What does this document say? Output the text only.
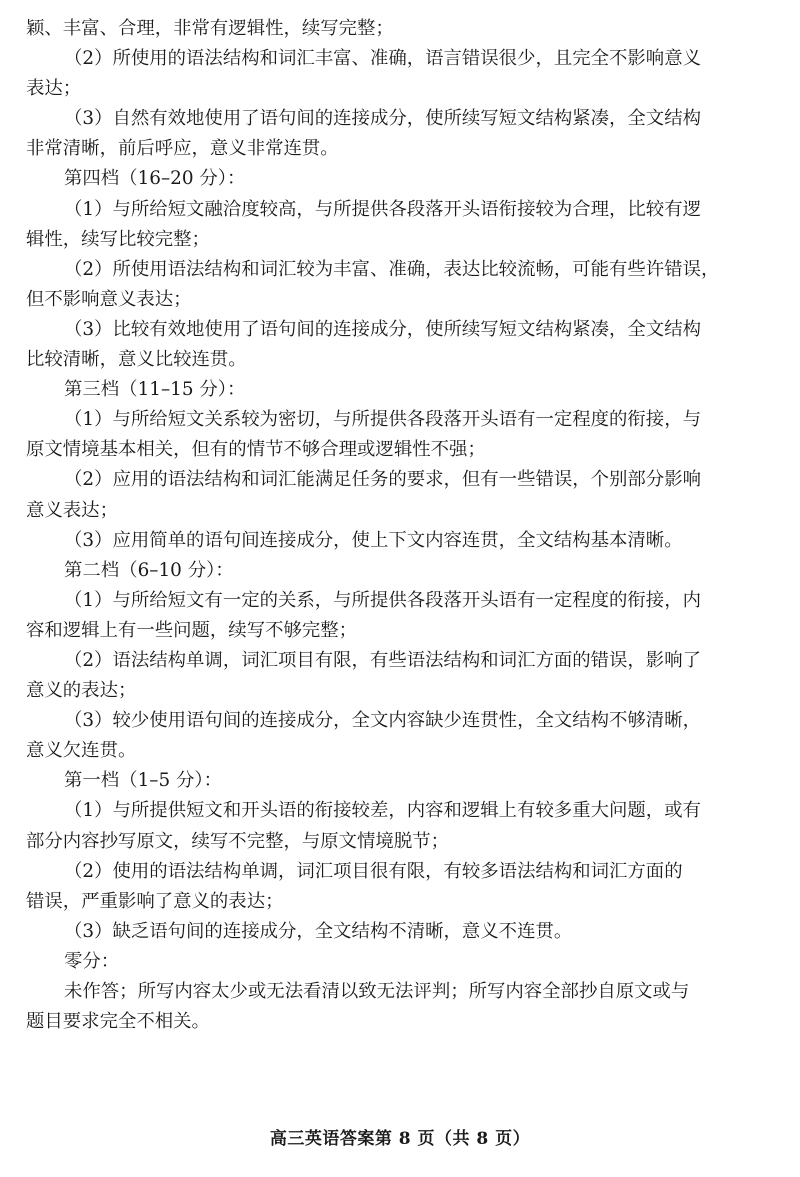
颖、丰富、合理，非常有逻辑性，续写完整；
（2）所使用的语法结构和词汇丰富、准确，语言错误很少，且完全不影响意义
表达；
（3）自然有效地使用了语句间的连接成分，使所续写短文结构紧凑，全文结构
非常清晰，前后呼应，意义非常连贯。
第四档（16–20 分）：
（1）与所给短文融洽度较高，与所提供各段落开头语衔接较为合理，比较有逻
辑性，续写比较完整；
（2）所使用语法结构和词汇较为丰富、准确，表达比较流畅，可能有些许错误，
但不影响意义表达；
（3）比较有效地使用了语句间的连接成分，使所续写短文结构紧凑，全文结构
比较清晰，意义比较连贯。
第三档（11–15 分）：
（1）与所给短文关系较为密切，与所提供各段落开头语有一定程度的衔接，与
原文情境基本相关，但有的情节不够合理或逻辑性不强；
（2）应用的语法结构和词汇能满足任务的要求，但有一些错误，个别部分影响
意义表达；
（3）应用简单的语句间连接成分，使上下文内容连贯，全文结构基本清晰。
第二档（6–10 分）：
（1）与所给短文有一定的关系，与所提供各段落开头语有一定程度的衔接，内
容和逻辑上有一些问题，续写不够完整；
（2）语法结构单调，词汇项目有限，有些语法结构和词汇方面的错误，影响了
意义的表达；
（3）较少使用语句间的连接成分，全文内容缺少连贯性，全文结构不够清晰，
意义欠连贯。
第一档（1–5 分）：
（1）与所提供短文和开头语的衔接较差，内容和逻辑上有较多重大问题，或有
部分内容抄写原文，续写不完整，与原文情境脱节；
（2）使用的语法结构单调，词汇项目很有限，有较多语法结构和词汇方面的
错误，严重影响了意义的表达；
（3）缺乏语句间的连接成分，全文结构不清晰，意义不连贯。
零分：
未作答；所写内容太少或无法看清以致无法评判；所写内容全部抄自原文或与
题目要求完全不相关。
高三英语答案第 8 页（共 8 页）
